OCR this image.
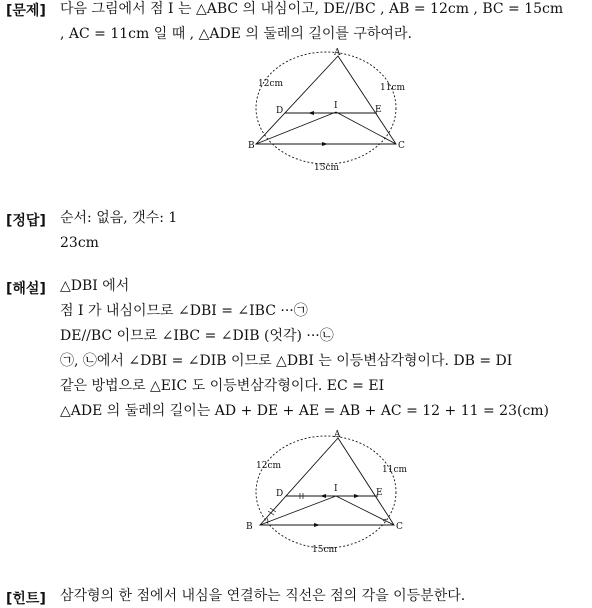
[문제] 다음 그림에서 점 I 는 △ABC 의 내심이고, DE//BC , AB = 12cm , BC = 15cm
, AC = 11cm 일 때 , △ADE 의 둘레의 길이를 구하여라.
A
B	C
D	E
I
12cm	11cm
15cm
[정답] 순서: 없음, 갯수: 1
23cm
[해설] △DBI 에서
점 I 가 내심이므로 ∠DBI = ∠IBC ···㉠
DE//BC 이므로 ∠IBC = ∠DIB (엇각) ···㉡
㉠, ㉡에서 ∠DBI = ∠DIB 이므로 △DBI 는 이등변삼각형이다. DB = DI
같은 방법으로 △EIC 도 이등변삼각형이다. EC = EI
△ADE 의 둘레의 길이는 AD + DE + AE = AB + AC = 12 + 11 = 23(cm)
A
B	C
D	E
I
12cm	11cm
15cm
[힌트] 삼각형의 한 점에서 내심을 연결하는 직선은 점의 각을 이등분한다.
